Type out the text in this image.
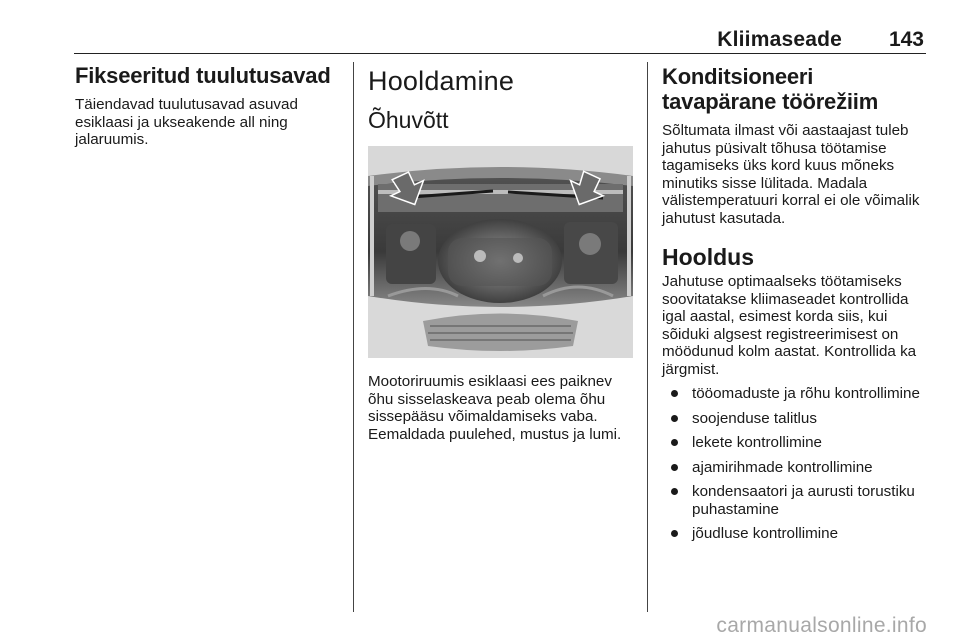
Kliimaseade 143
Fikseeritud tuulutusavad

Täiendavad tuulutusavad asuvad esiklaasi ja ukseakende all ning jalaruumis.

Hooldamine
Õhuvõtt

Mootoriruumis esiklaasi ees paiknev õhu sisselaskeava peab olema õhu sissepääsu võimaldamiseks vaba. Eemaldada puulehed, mustus ja lumi.

Konditsioneeri tavapärane töörežiim

Sõltumata ilmast või aastaajast tuleb jahutus püsivalt tõhusa töötamise tagamiseks üks kord kuus mõneks minutiks sisse lülitada. Madala välistemperatuuri korral ei ole võimalik jahutust kasutada.

Hooldus

Jahutuse optimaalseks töötamiseks soovitatakse kliimaseadet kontrollida igal aastal, esimest korda siis, kui sõiduki algsest registreerimisest on möödunud kolm aastat. Kontrollida ka järgmist.

tööomaduste ja rõhu kontrollimine
soojenduse talitlus
lekete kontrollimine
ajamirihmade kontrollimine
kondensaatori ja aurusti torustiku puhastamine
jõudluse kontrollimine
carmanualsonline.info
